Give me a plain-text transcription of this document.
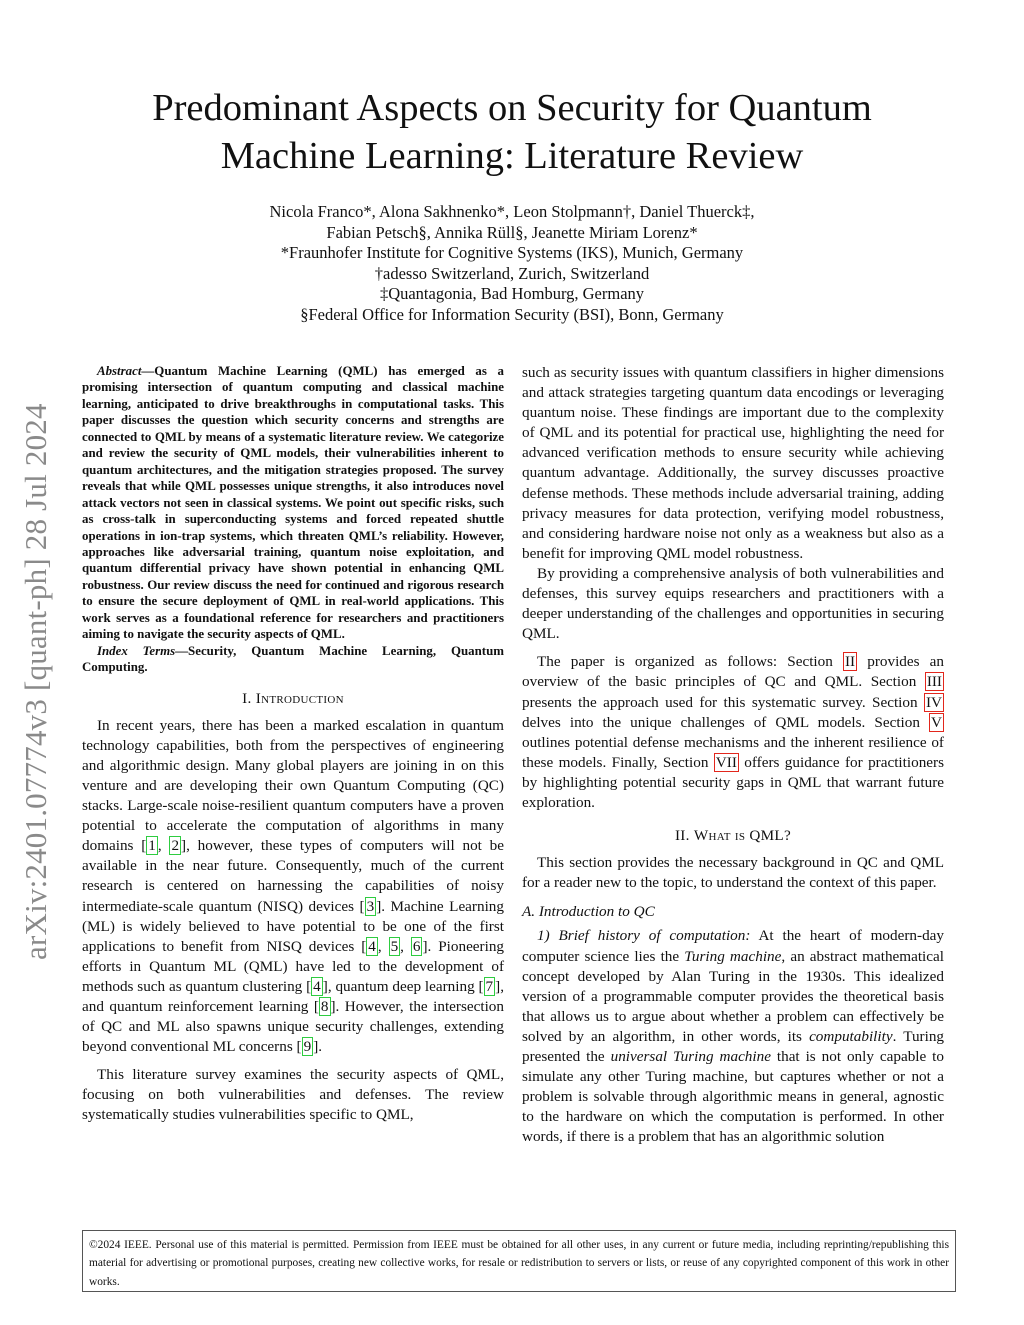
arXiv:2401.07774v3 [quant-ph] 28 Jul 2024
Predominant Aspects on Security for Quantum Machine Learning: Literature Review
Nicola Franco*, Alona Sakhnenko*, Leon Stolpmann†, Daniel Thuerck‡,
Fabian Petsch§, Annika Rüll§, Jeanette Miriam Lorenz*
*Fraunhofer Institute for Cognitive Systems (IKS), Munich, Germany
†adesso Switzerland, Zurich, Switzerland
‡Quantagonia, Bad Homburg, Germany
§Federal Office for Information Security (BSI), Bonn, Germany

Abstract—Quantum Machine Learning (QML) has emerged as a promising intersection of quantum computing and classical machine learning, anticipated to drive breakthroughs in computational tasks. This paper discusses the question which security concerns and strengths are connected to QML by means of a systematic literature review. We categorize and review the security of QML models, their vulnerabilities inherent to quantum architectures, and the mitigation strategies proposed. The survey reveals that while QML possesses unique strengths, it also introduces novel attack vectors not seen in classical systems. We point out specific risks, such as cross-talk in superconducting systems and forced repeated shuttle operations in ion-trap systems, which threaten QML’s reliability. However, approaches like adversarial training, quantum noise exploitation, and quantum differential privacy have shown potential in enhancing QML robustness. Our review discuss the need for continued and rigorous research to ensure the secure deployment of QML in real-world applications. This work serves as a foundational reference for researchers and practitioners aiming to navigate the security aspects of QML.

Index Terms—Security, Quantum Machine Learning, Quantum Computing.

I. Introduction

In recent years, there has been a marked escalation in quantum technology capabilities, both from the perspectives of engineering and algorithmic design. Many global players are joining in on this venture and are developing their own Quantum Computing (QC) stacks. Large-scale noise-resilient quantum computers have a proven potential to accelerate the computation of algorithms in many domains [ 1 , 2 ], however, these types of computers will not be available in the near future. Consequently, much of the current research is centered on harnessing the capabilities of noisy intermediate-scale quantum (NISQ) devices [ 3 ]. Machine Learning (ML) is widely believed to have potential to be one of the first applications to benefit from NISQ devices [ 4 , 5 , 6 ]. Pioneering efforts in Quantum ML (QML) have led to the development of methods such as quantum clustering [ 4 ], quantum deep learning [ 7 ], and quantum reinforcement learning [ 8 ]. However, the intersection of QC and ML also spawns unique security challenges, extending beyond conventional ML concerns [ 9 ].

This literature survey examines the security aspects of QML, focusing on both vulnerabilities and defenses. The review systematically studies vulnerabilities specific to QML,

such as security issues with quantum classifiers in higher dimensions and attack strategies targeting quantum data encodings or leveraging quantum noise. These findings are important due to the complexity of QML and its potential for practical use, highlighting the need for advanced verification methods to ensure security while achieving quantum advantage. Additionally, the survey discusses proactive defense methods. These methods include adversarial training, adding privacy measures for data protection, verifying model robustness, and considering hardware noise not only as a weakness but also as a benefit for improving QML model robustness.

By providing a comprehensive analysis of both vulnerabilities and defenses, this survey equips researchers and practitioners with a deeper understanding of the challenges and opportunities in securing QML.

The paper is organized as follows: Section II provides an overview of the basic principles of QC and QML. Section III presents the approach used for this systematic survey. Section IV delves into the unique challenges of QML models. Section V outlines potential defense mechanisms and the inherent resilience of these models. Finally, Section VII offers guidance for practitioners by highlighting potential security gaps in QML that warrant future exploration.

II. What is QML?

This section provides the necessary background in QC and QML for a reader new to the topic, to understand the context of this paper.

A. Introduction to QC

1) Brief history of computation: At the heart of modern-day computer science lies the Turing machine, an abstract mathematical concept developed by Alan Turing in the 1930s. This idealized version of a programmable computer provides the theoretical basis that allows us to argue about whether a problem can effectively be solved by an algorithm, in other words, its computability. Turing presented the universal Turing machine that is not only capable to simulate any other Turing machine, but captures whether or not a problem is solvable through algorithmic means in general, agnostic to the hardware on which the computation is performed. In other words, if there is a problem that has an algorithmic solution

©2024 IEEE. Personal use of this material is permitted. Permission from IEEE must be obtained for all other uses, in any current or future media, including reprinting/republishing this material for advertising or promotional purposes, creating new collective works, for resale or redistribution to servers or lists, or reuse of any copyrighted component of this work in other works.
